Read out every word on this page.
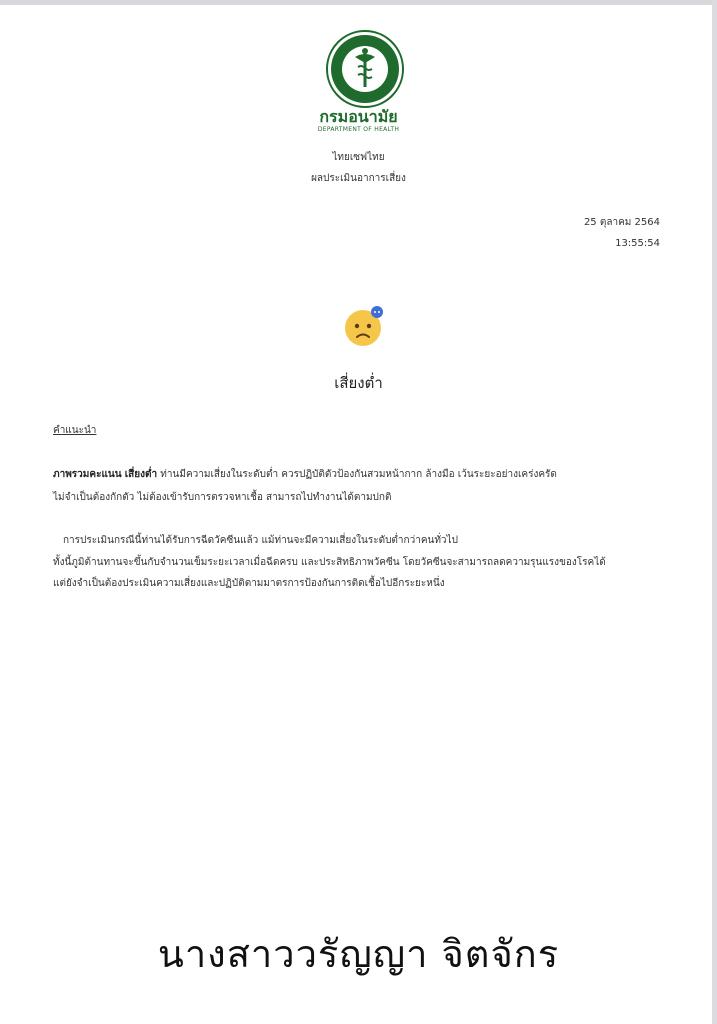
กรมอนามัย
DEPARTMENT OF HEALTH
ไทยเซฟไทย
ผลประเมินอาการเสี่ยง
25 ตุลาคม 2564
13:55:54
เสี่ยงต่ำ
คำแนะนำ
ภาพรวมคะแนน เสี่ยงต่ำ ท่านมีความเสี่ยงในระดับต่ำ ควรปฏิบัติตัวป้องกันสวมหน้ากาก ล้างมือ เว้นระยะอย่างเคร่งครัด
ไม่จำเป็นต้องกักตัว ไม่ต้องเข้ารับการตรวจหาเชื้อ สามารถไปทำงานได้ตามปกติ
การประเมินกรณีนี้ท่านได้รับการฉีดวัคซีนแล้ว แม้ท่านจะมีความเสี่ยงในระดับต่ำกว่าคนทั่วไป
ทั้งนี้ภูมิต้านทานจะขึ้นกับจำนวนเข็มระยะเวลาเมื่อฉีดครบ และประสิทธิภาพวัคซีน โดยวัคซีนจะสามารถลดความรุนแรงของโรคได้
แต่ยังจำเป็นต้องประเมินความเสี่ยงและปฏิบัติตามมาตรการป้องกันการติดเชื้อไปอีกระยะหนึ่ง
นางสาววรัญญา จิตจักร
